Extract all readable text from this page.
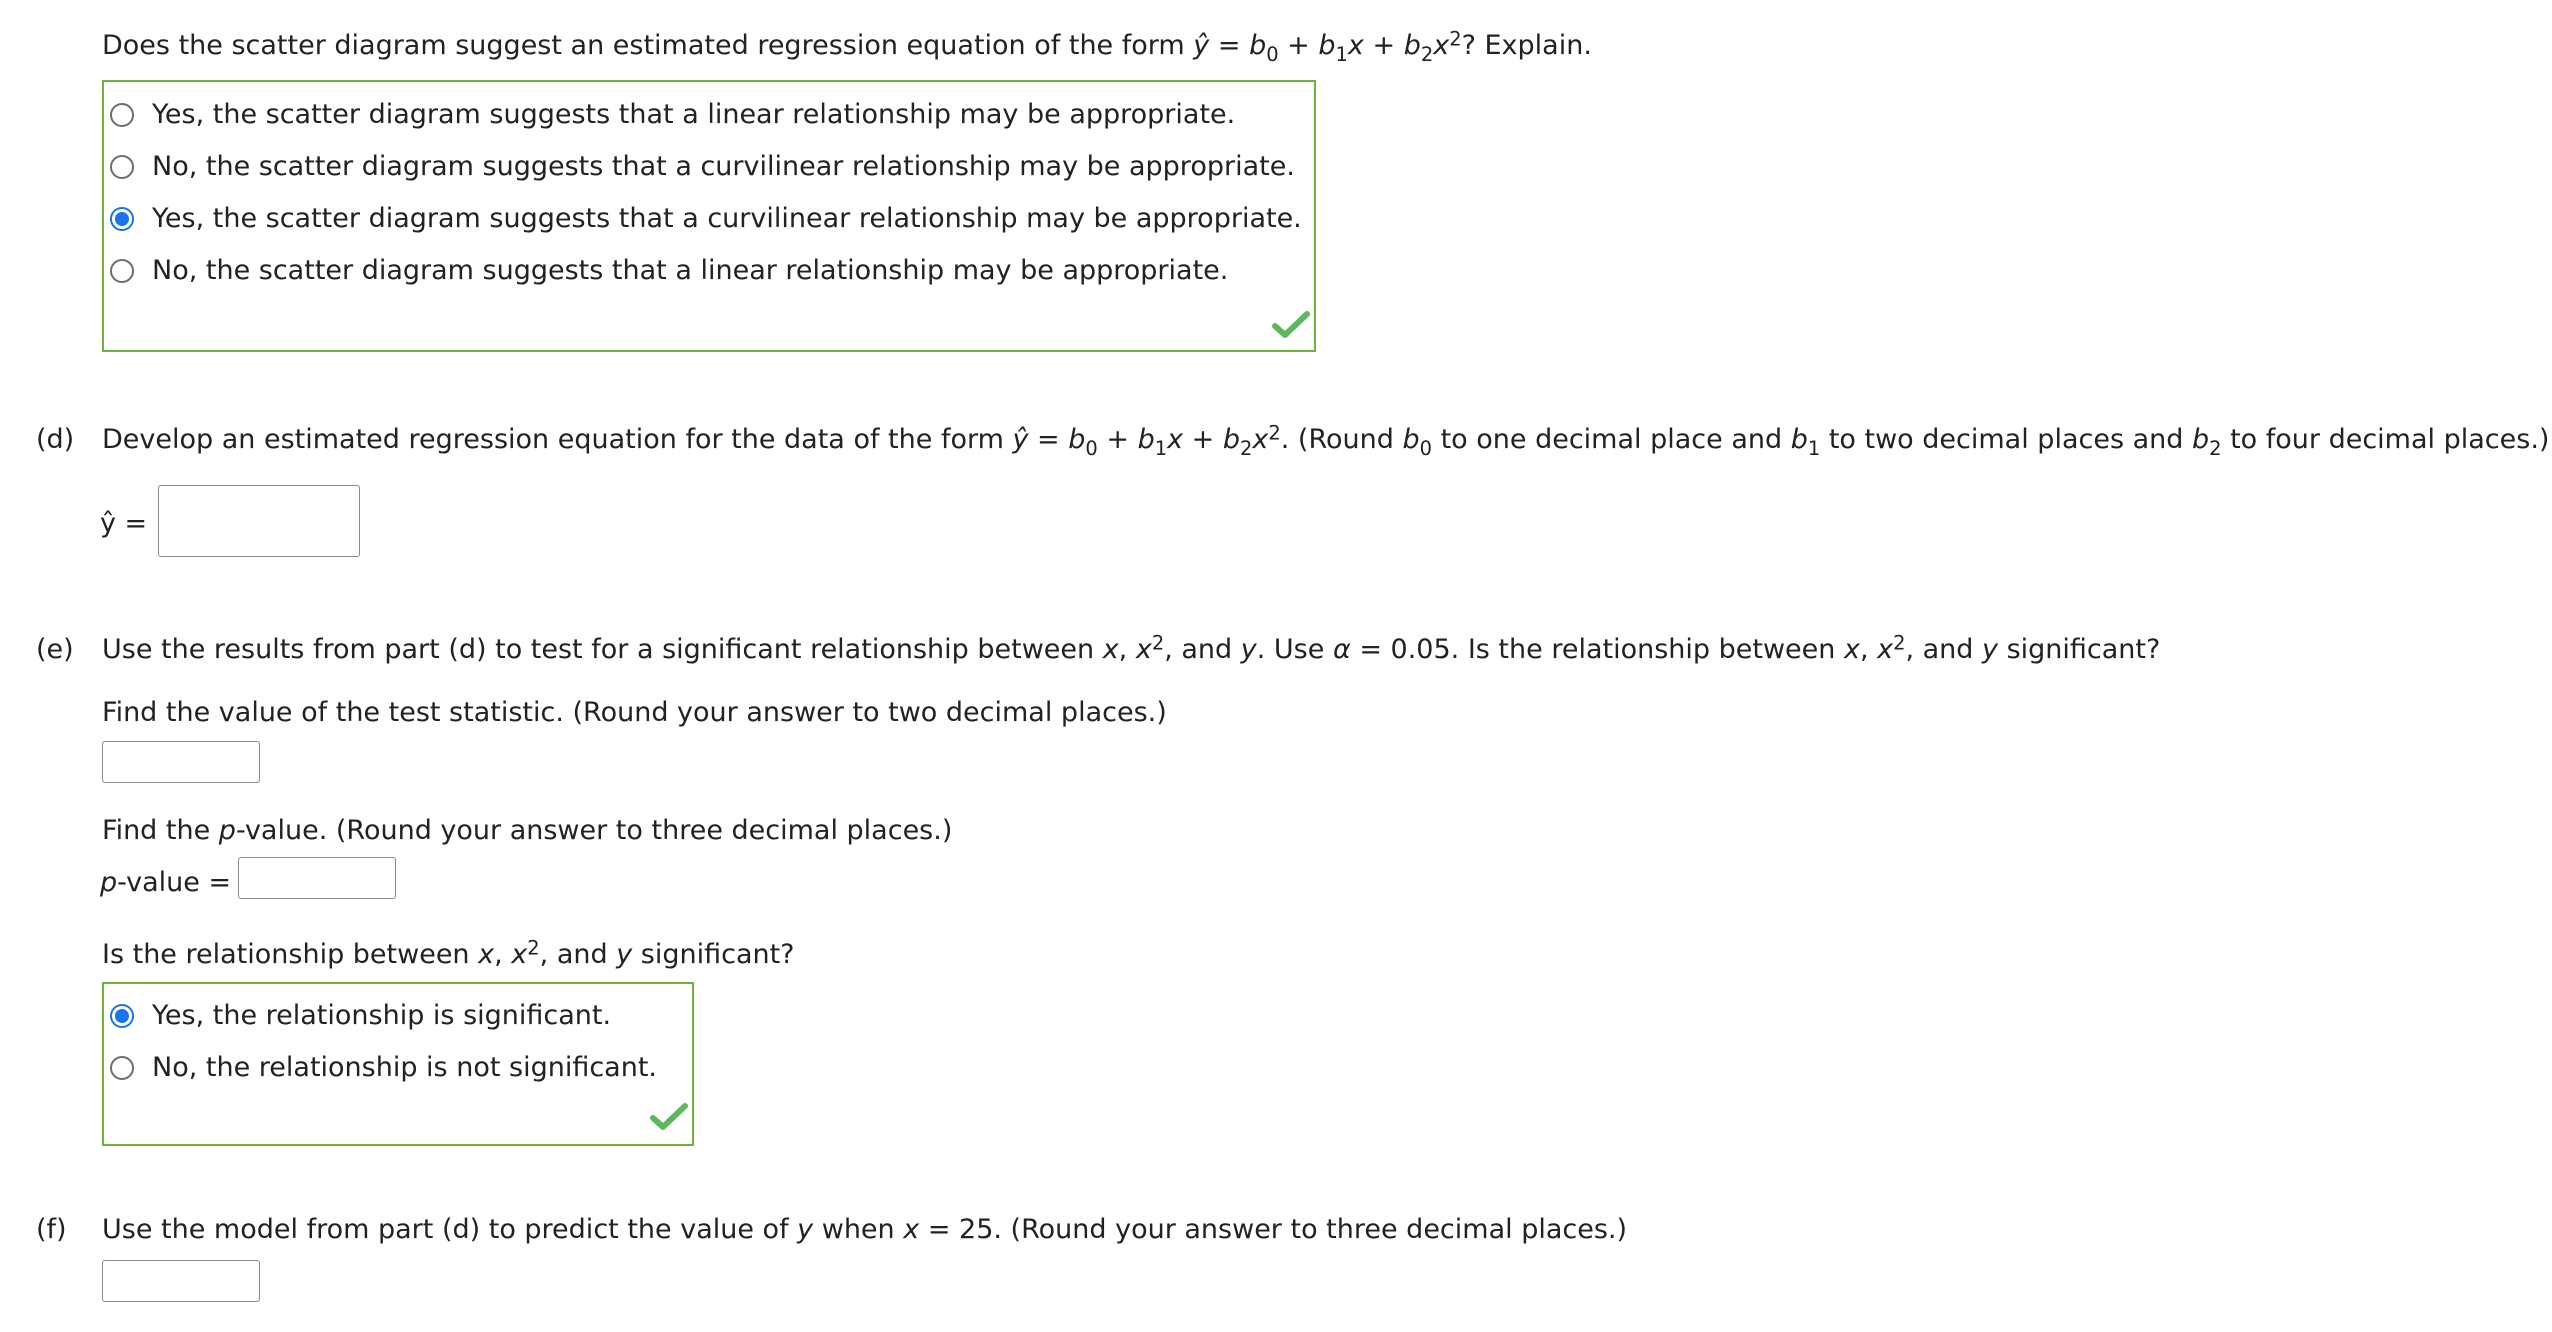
Does the scatter diagram suggest an estimated regression equation of the form ŷ = $b_0 + b_1x + b_2x^2$? Explain.
Yes, the scatter diagram suggests that a linear relationship may be appropriate.
No, the scatter diagram suggests that a curvilinear relationship may be appropriate.
Yes, the scatter diagram suggests that a curvilinear relationship may be appropriate.
No, the scatter diagram suggests that a linear relationship may be appropriate.
(d) Develop an estimated regression equation for the data of the form ŷ = $b_0 + b_1x + b_2x^2$. (Round $b_0$ to one decimal place and $b_1$ to two decimal places and $b_2$ to four decimal places.)
ŷ =
(e) Use the results from part (d) to test for a significant relationship between x, $x^2$, and y. Use α = 0.05. Is the relationship between x, $x^2$, and y significant?
Find the value of the test statistic. (Round your answer to two decimal places.)
Find the p-value. (Round your answer to three decimal places.)
p-value =
Is the relationship between x, $x^2$, and y significant?
Yes, the relationship is significant.
No, the relationship is not significant.
(f) Use the model from part (d) to predict the value of y when x = 25. (Round your answer to three decimal places.)
